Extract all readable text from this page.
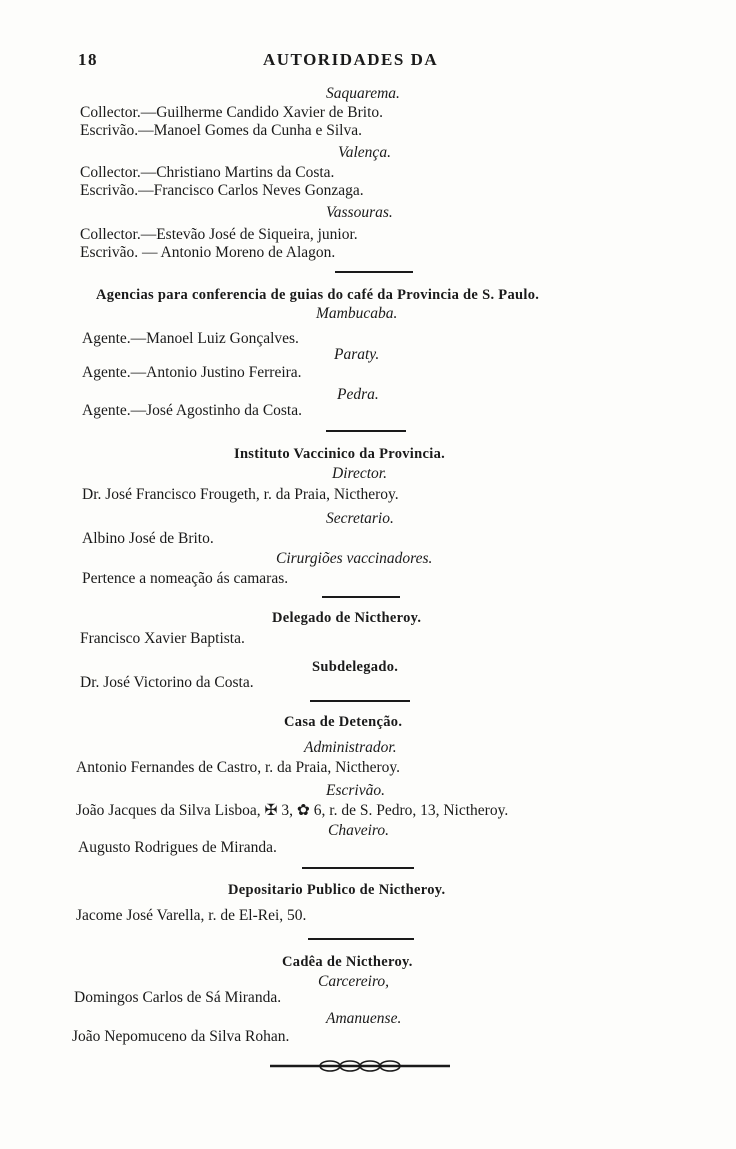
18	AUTORIDADES DA
Saquarema.
Collector.—Guilherme Candido Xavier de Brito.
Escrivão.—Manoel Gomes da Cunha e Silva.
Valença.
Collector.—Christiano Martins da Costa.
Escrivão.—Francisco Carlos Neves Gonzaga.
Vassouras.
Collector.—Estevão José de Siqueira, junior.
Escrivão. — Antonio Moreno de Alagon.
Agencias para conferencia de guias do café da Provincia de S. Paulo.
Mambucaba.
Agente.—Manoel Luiz Gonçalves.
Paraty.
Agente.—Antonio Justino Ferreira.
Pedra.
Agente.—José Agostinho da Costa.
Instituto Vaccinico da Provincia.
Director.
Dr. José Francisco Frougeth, r. da Praia, Nictheroy.
Secretario.
Albino José de Brito.
Cirurgiões vaccinadores.
Pertence a nomeação ás camaras.
Delegado de Nictheroy.
Francisco Xavier Baptista.
Subdelegado.
Dr. José Victorino da Costa.
Casa de Detenção.
Administrador.
Antonio Fernandes de Castro, r. da Praia, Nictheroy.
Escrivão.
João Jacques da Silva Lisboa, ✠ 3, ✿ 6, r. de S. Pedro, 13, Nictheroy.
Chaveiro.
Augusto Rodrigues de Miranda.
Depositario Publico de Nictheroy.
Jacome José Varella, r. de El-Rei, 50.
Cadêa de Nictheroy.
Carcereiro,
Domingos Carlos de Sá Miranda.
Amanuense.
João Nepomuceno da Silva Rohan.
